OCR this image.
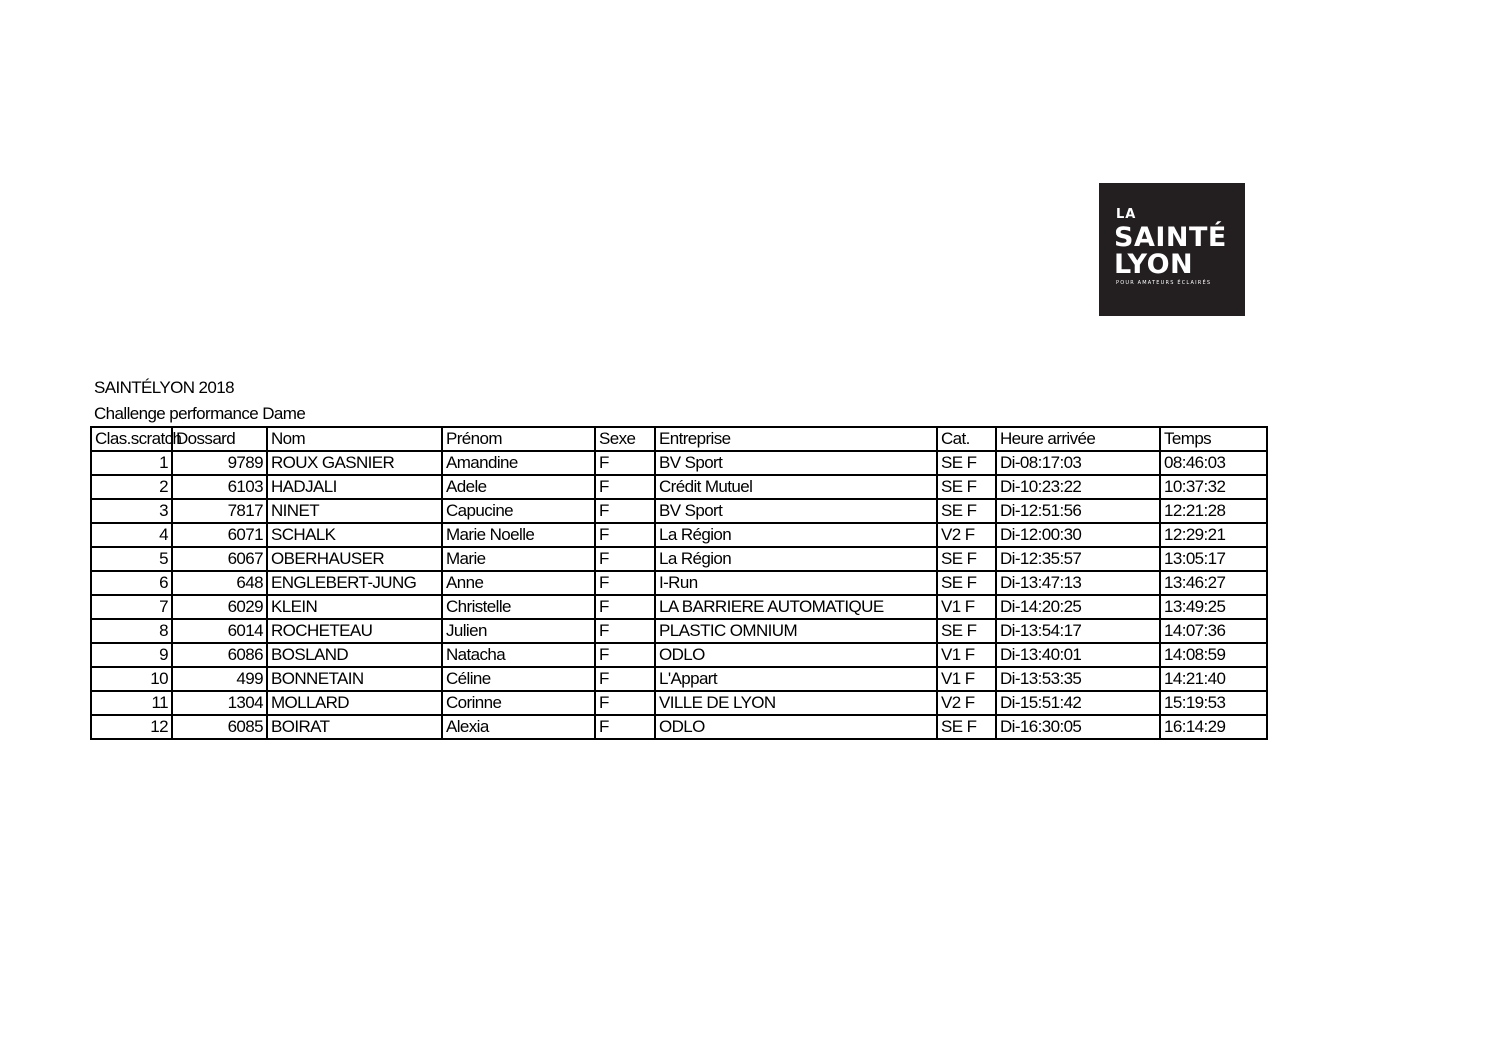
LA
SAINTÉ
LYON
POUR AMATEURS ÉCLAIRÉS
SAINTÉLYON 2018
Challenge performance Dame
Clas.scratch	Dossard	Nom	Prénom	Sexe	Entreprise	Cat.	Heure arrivée	Temps
1	9789	ROUX GASNIER	Amandine	F	BV Sport	SE F	Di-08:17:03	08:46:03
2	6103	HADJALI	Adele	F	Crédit Mutuel	SE F	Di-10:23:22	10:37:32
3	7817	NINET	Capucine	F	BV Sport	SE F	Di-12:51:56	12:21:28
4	6071	SCHALK	Marie Noelle	F	La Région	V2 F	Di-12:00:30	12:29:21
5	6067	OBERHAUSER	Marie	F	La Région	SE F	Di-12:35:57	13:05:17
6	648	ENGLEBERT-JUNG	Anne	F	I-Run	SE F	Di-13:47:13	13:46:27
7	6029	KLEIN	Christelle	F	LA BARRIERE AUTOMATIQUE	V1 F	Di-14:20:25	13:49:25
8	6014	ROCHETEAU	Julien	F	PLASTIC OMNIUM	SE F	Di-13:54:17	14:07:36
9	6086	BOSLAND	Natacha	F	ODLO	V1 F	Di-13:40:01	14:08:59
10	499	BONNETAIN	Céline	F	L'Appart	V1 F	Di-13:53:35	14:21:40
11	1304	MOLLARD	Corinne	F	VILLE DE LYON	V2 F	Di-15:51:42	15:19:53
12	6085	BOIRAT	Alexia	F	ODLO	SE F	Di-16:30:05	16:14:29
